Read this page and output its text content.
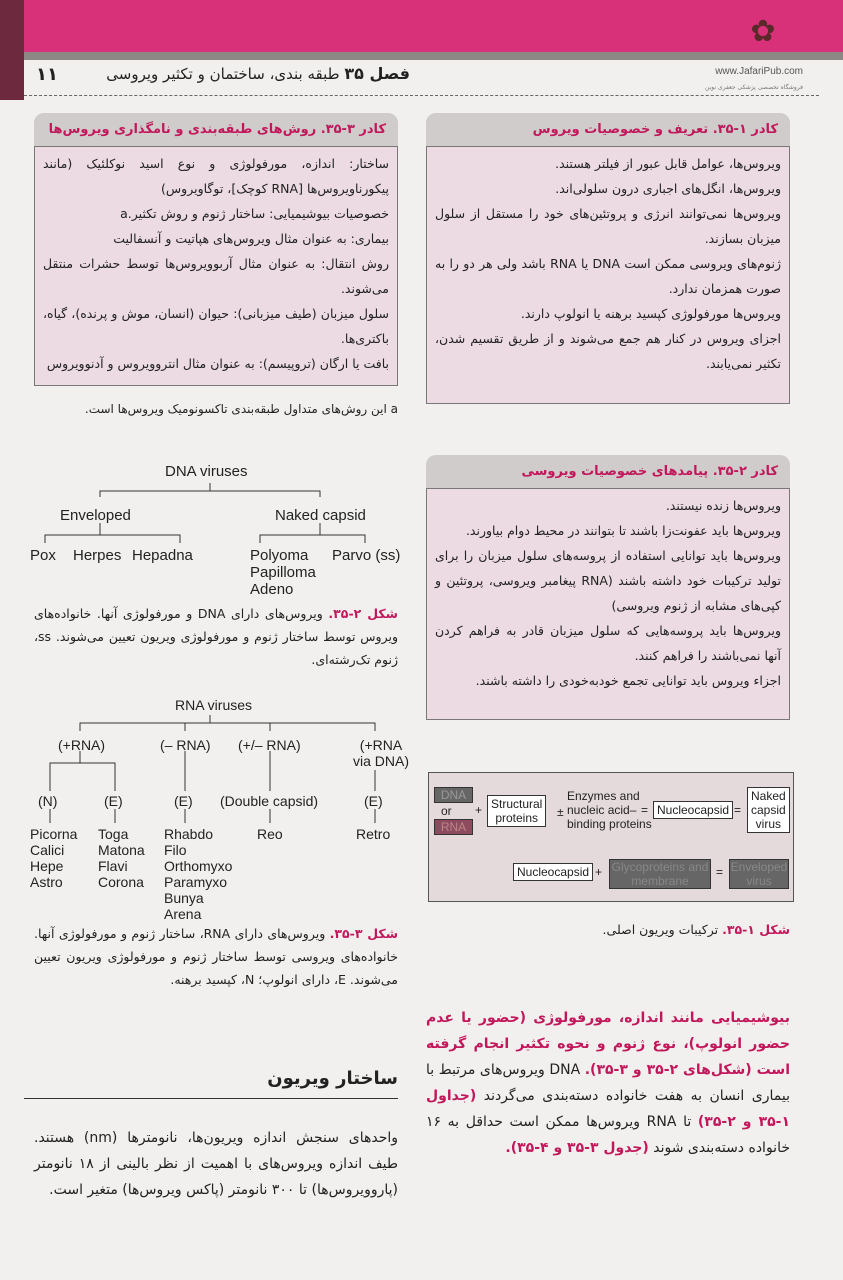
✿
www.JafariPub.com
فروشگاه تخصصی پزشکی جعفری نوین
۱۱	فصل ۳۵ طبقه بندی، ساختمان و تکثیر ویروسی
کادر ۱-۳۵. تعریف و خصوصیات ویروس

ویروس‌ها، عوامل قابل عبور از فیلتر هستند.

ویروس‌ها، انگل‌های اجباری درون سلولی‌اند.

ویروس‌ها نمی‌توانند انرژی و پروتئین‌های خود را مستقل از سلول میزبان بسازند.

ژنوم‌های ویروسی ممکن است DNA یا RNA باشد ولی هر دو را به صورت همزمان ندارد.

ویروس‌ها مورفولوژی کپسید برهنه یا انولوپ دارند.

اجزای ویروس در کنار هم جمع می‌شوند و از طریق تقسیم شدن، تکثیر نمی‌یابند.

کادر ۲-۳۵. پیامدهای خصوصیات ویروسی

ویروس‌ها زنده نیستند.

ویروس‌ها باید عفونت‌زا باشند تا بتوانند در محیط دوام بیاورند.

ویروس‌ها باید توانایی استفاده از پروسه‌های سلول میزبان را برای تولید ترکیبات خود داشته باشند (RNA پیغامبر ویروسی، پروتئین و کپی‌های مشابه از ژنوم ویروسی)

ویروس‌ها باید پروسه‌هایی که سلول میزبان قادر به فراهم کردن آنها نمی‌باشند را فراهم کنند.

اجزاء ویروس باید توانایی تجمع خودبه‌خودی را داشته باشند.

کادر ۳-۳۵. روش‌های طبقه‌بندی و نامگذاری ویروس‌ها

ساختار: اندازه، مورفولوژی و نوع اسید نوکلئیک (مانند پیکورناویروس‌ها [RNA کوچک]، توگاویروس)

خصوصیات بیوشیمیایی: ساختار ژنوم و روش تکثیر.a

بیماری: به عنوان مثال ویروس‌های هپاتیت و آنسفالیت

روش انتقال: به عنوان مثال آربوویروس‌ها توسط حشرات منتقل می‌شوند.

سلول میزبان (طیف میزبانی): حیوان (انسان، موش و پرنده)، گیاه، باکتری‌ها.

بافت یا ارگان (تروپیسم): به عنوان مثال انتروویروس و آدنوویروس

a این روش‌های متداول طبقه‌بندی تاکسونومیک ویروس‌ها است.
DNA viruses
Enveloped	Naked capsid
Pox Herpes Hepadna	Polyoma
Papilloma
Adeno
Parvo (ss)
شکل ۲-۳۵. ویروس‌های دارای DNA و مورفولوژی آنها. خانواده‌های ویروس توسط ساختار ژنوم و مورفولوژی ویریون تعیین می‌شوند. ss، ژنوم تک‌رشته‌ای.
RNA viruses
(+RNA)	(– RNA) (+/– RNA)	(+RNA
via DNA)
(N)	(E)	(E) (Double capsid)	(E)
Picorna
Calici
Hepe
Astro
Toga
Matona
Flavi
Corona
Rhabdo
Filo
Orthomyxo
Paramyxo
Bunya
Arena
Reo	Retro
شکل ۳-۳۵. ویروس‌های دارای RNA، ساختار ژنوم و مورفولوژی آنها. خانواده‌های ویروسی توسط ساختار ژنوم و مورفولوژی ویریون تعیین می‌شوند. E، دارای انولوپ؛ N، کپسید برهنه.
DNA
or
RNA
+ Structural
proteins	±
Enzymes and
nucleic acid–
binding proteins
= Nucleocapsid =
Naked
capsid
virus
Nucleocapsid + Glycoproteins and
membrane
= Enveloped
virus
شکل ۱-۳۵. ترکیبات ویریون اصلی.
بیوشیمیایی مانند اندازه، مورفولوژی (حضور یا عدم حضور انولوپ)، نوع ژنوم و نحوه تکثیر انجام گرفته است (شکل‌های ۲-۳۵ و ۳-۳۵). DNA ویروس‌های مرتبط با بیماری انسان به هفت خانواده دسته‌بندی می‌گردند (جداول ۱-۳۵ و ۲-۳۵) تا RNA ویروس‌ها ممکن است حداقل به ۱۶ خانواده دسته‌بندی شوند (جدول ۳-۳۵ و ۴-۳۵).
ساختار ویریون
واحدهای سنجش اندازه ویریون‌ها، نانومترها (nm) هستند. طیف اندازه ویروس‌های با اهمیت از نظر بالینی از ۱۸ نانومتر (پاروویروس‌ها) تا ۳۰۰ نانومتر (پاکس ویروس‌ها) متغیر است.
